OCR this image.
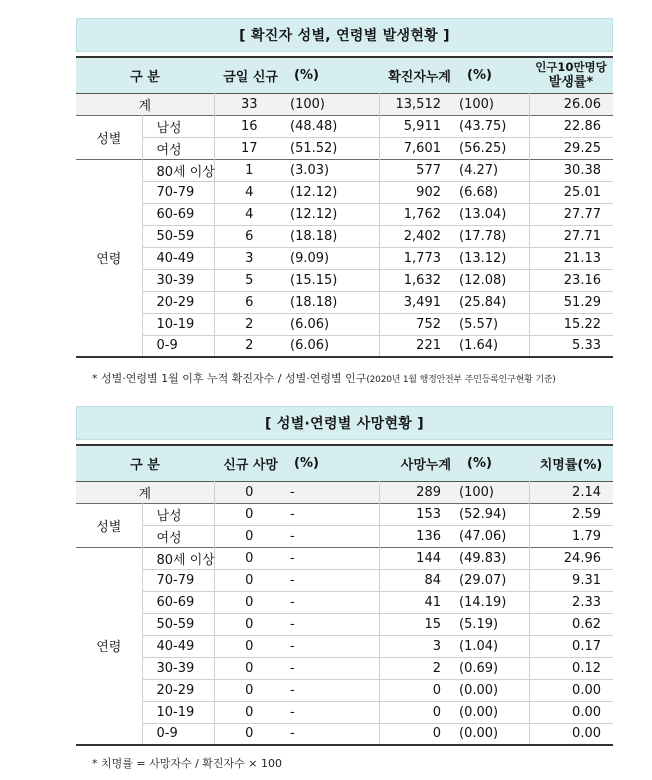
[ 확진자 성별, 연령별 발생현황 ]
구 분		금일 신규	(%)	확진자누계	(%)	인구10만명당
발생률*

계		33	(100)	13,512	(100)	26.06
성별	남성	16	(48.48)	5,911	(43.75)	22.86
	여성	17	(51.52)	7,601	(56.25)	29.25
연령	80세 이상	1	(3.03)	577	(4.27)	30.38
	70-79	4	(12.12)	902	(6.68)	25.01
	60-69	4	(12.12)	1,762	(13.04)	27.77
	50-59	6	(18.18)	2,402	(17.78)	27.71
	40-49	3	(9.09)	1,773	(13.12)	21.13
	30-39	5	(15.15)	1,632	(12.08)	23.16
	20-29	6	(18.18)	3,491	(25.84)	51.29
	10-19	2	(6.06)	752	(5.57)	15.22
	0-9	2	(6.06)	221	(1.64)	5.33
* 성별·연령별 1월 이후 누적 확진자수 / 성별·연령별 인구(2020년 1월 행정안전부 주민등록인구현황 기준)
[ 성별·연령별 사망현황 ]
구 분		신규 사망	(%)	사망누계	(%)	치명률(%)
계		0	-	289	(100)	2.14
성별	남성	0	-	153	(52.94)	2.59
	여성	0	-	136	(47.06)	1.79
연령	80세 이상	0	-	144	(49.83)	24.96
	70-79	0	-	84	(29.07)	9.31
	60-69	0	-	41	(14.19)	2.33
	50-59	0	-	15	(5.19)	0.62
	40-49	0	-	3	(1.04)	0.17
	30-39	0	-	2	(0.69)	0.12
	20-29	0	-	0	(0.00)	0.00
	10-19	0	-	0	(0.00)	0.00
	0-9	0	-	0	(0.00)	0.00
* 치명률 = 사망자수 / 확진자수 × 100
